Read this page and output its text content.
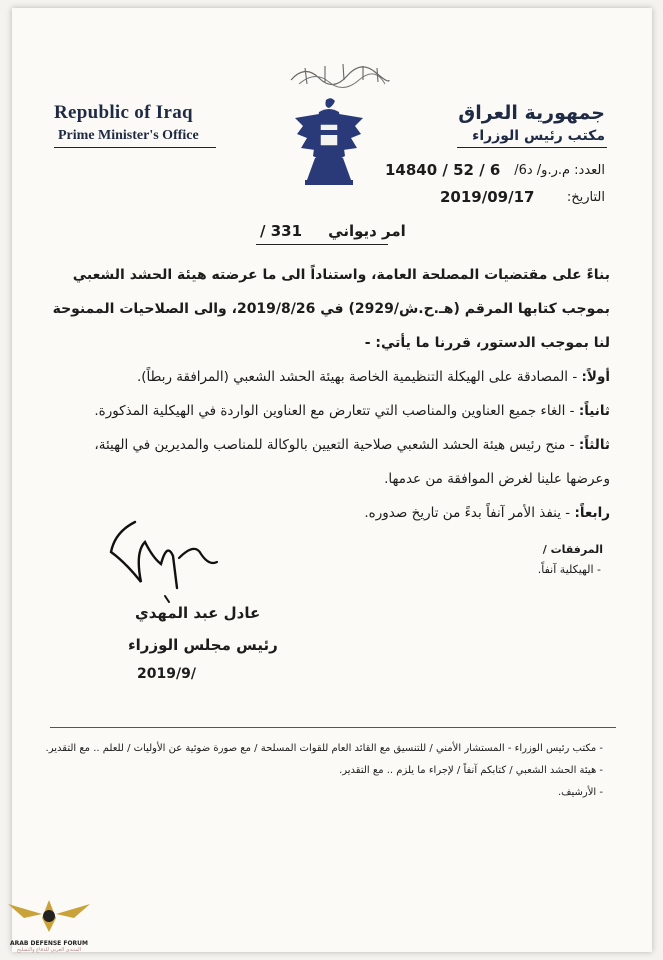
Republic of Iraq
Prime Minister's Office
جمهورية العراق
مكتب رئيس الوزراء
العدد: م.ر.و/ د6/
14840 / 52 / 6
التاريخ:
2019/09/17
امر ديواني     331 /
بناءً على مقتضيات المصلحة العامة، واستناداً الى ما عرضته هيئة الحشد الشعبي بموجب كتابها المرقم (هـ.ح.ش/2929) في 2019/8/26، والى الصلاحيات الممنوحة لنا بموجب الدستور، قررنا ما يأتي: -
أولاً: - المصادقة على الهيكلة التنظيمية الخاصة بهيئة الحشد الشعبي (المرافقة ربطاً).
ثانياً: - الغاء جميع العناوين والمناصب التي تتعارض مع العناوين الواردة في الهيكلية المذكورة.
ثالثاً: - منح رئيس هيئة الحشد الشعبي صلاحية التعيين بالوكالة للمناصب والمديرين في الهيئة، وعرضها علينا لغرض الموافقة من عدمها.
رابعاً: - ينفذ الأمر آنفاً بدءً من تاريخ صدوره.
المرفقات /
- الهيكلية آنفاً.
عادل عبد المهدي
رئيس مجلس الوزراء
2019/9/
- مكتب رئيس الوزراء - المستشار الأمني / للتنسيق مع القائد العام للقوات المسلحة / مع صورة ضوئية عن الأوليات / للعلم .. مع التقدير.
- هيئة الحشد الشعبي / كتابكم آنفاً / لإجراء ما يلزم .. مع التقدير.
- الأرشيف.
ARAB DEFENSE FORUM
المنتدى العربي للدفاع والتسليح
